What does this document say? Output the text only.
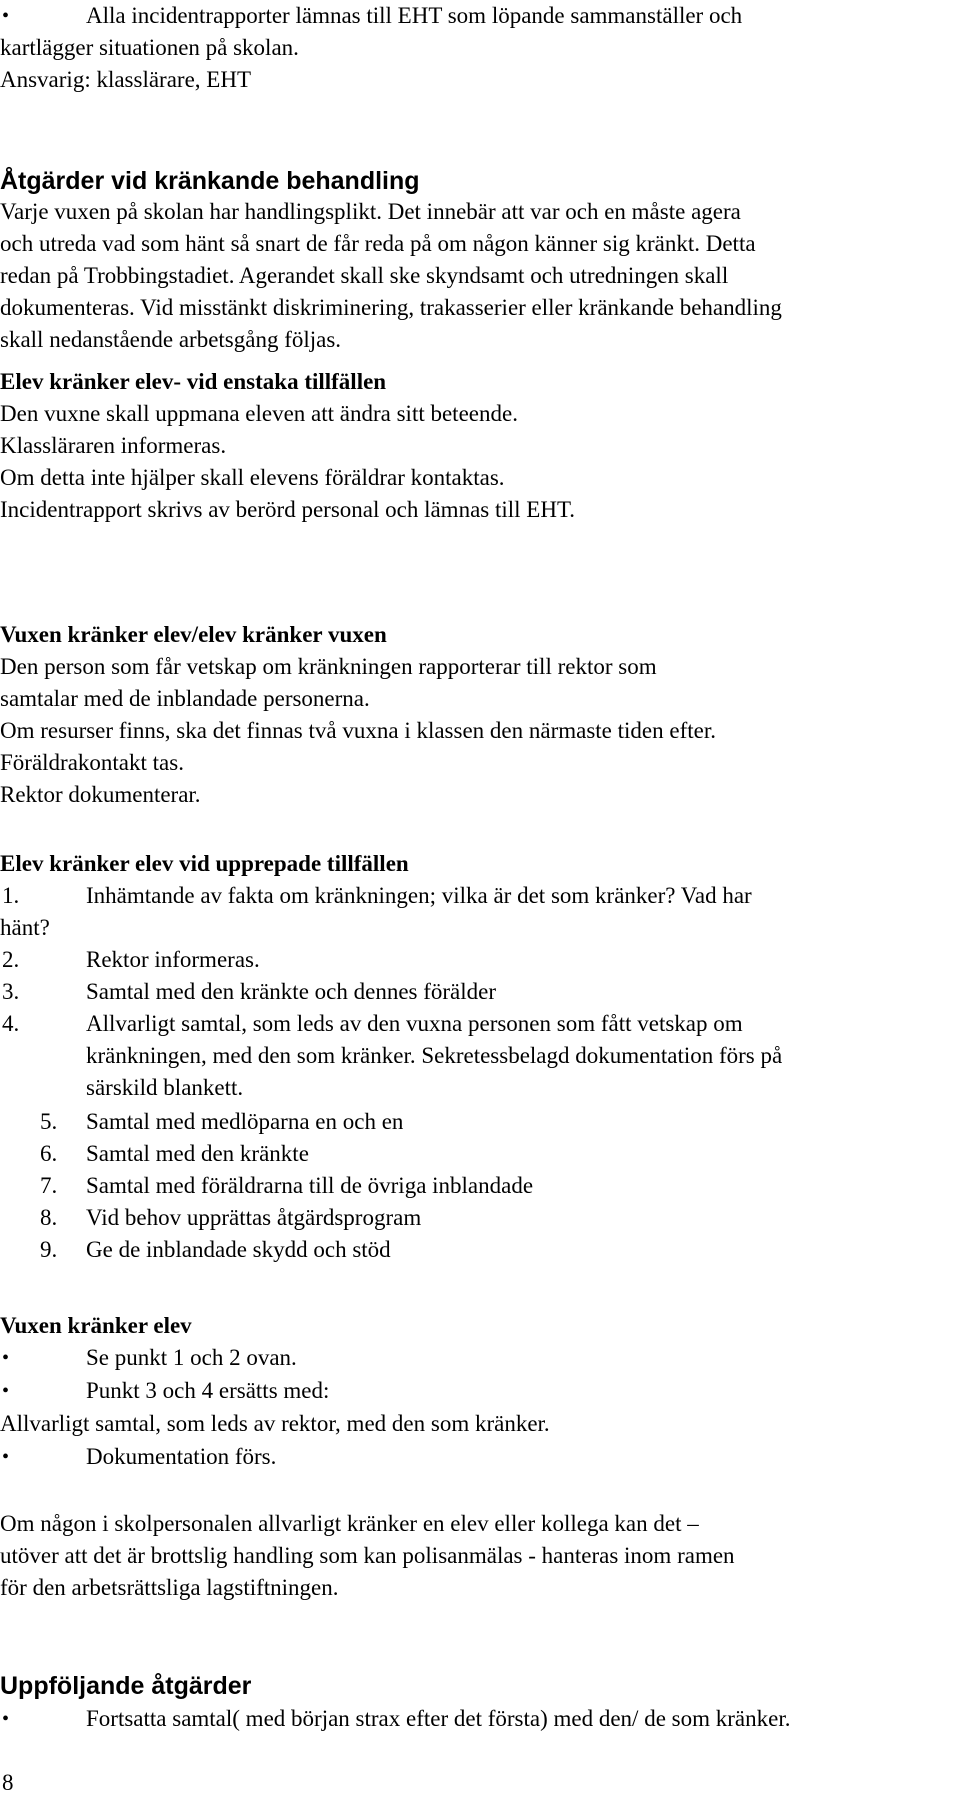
•	Alla incidentrapporter lämnas till EHT som löpande sammanställer och
kartlägger situationen på skolan.
Ansvarig: klasslärare, EHT
Åtgärder vid kränkande behandling
Varje vuxen på skolan har handlingsplikt. Det innebär att var och en måste agera
och utreda vad som hänt så snart de får reda på om någon känner sig kränkt. Detta
redan på Trobbingstadiet. Agerandet skall ske skyndsamt och utredningen skall
dokumenteras. Vid misstänkt diskriminering, trakasserier eller kränkande behandling
skall nedanstående arbetsgång följas.
Elev kränker elev- vid enstaka tillfällen
Den vuxne skall uppmana eleven att ändra sitt beteende.
Klassläraren informeras.
Om detta inte hjälper skall elevens föräldrar kontaktas.
Incidentrapport skrivs av berörd personal och lämnas till EHT.
Vuxen kränker elev/elev kränker vuxen
Den person som får vetskap om kränkningen rapporterar till rektor som
samtalar med de inblandade personerna.
Om resurser finns, ska det finnas två vuxna i klassen den närmaste tiden efter.
Föräldrakontakt tas.
Rektor dokumenterar.
Elev kränker elev vid upprepade tillfällen
1.	Inhämtande av fakta om kränkningen; vilka är det som kränker? Vad har
hänt?
2.	Rektor informeras.
3.	Samtal med den kränkte och dennes förälder
4.	Allvarligt samtal, som leds av den vuxna personen som fått vetskap om
kränkningen, med den som kränker. Sekretessbelagd dokumentation förs på
särskild blankett.
5. Samtal med medlöparna en och en
6. Samtal med den kränkte
7. Samtal med föräldrarna till de övriga inblandade
8. Vid behov upprättas åtgärdsprogram
9. Ge de inblandade skydd och stöd
Vuxen kränker elev
•	Se punkt 1 och 2 ovan.
•	Punkt 3 och 4 ersätts med:
Allvarligt samtal, som leds av rektor, med den som kränker.
•	Dokumentation förs.
Om någon i skolpersonalen allvarligt kränker en elev eller kollega kan det –
utöver att det är brottslig handling som kan polisanmälas - hanteras inom ramen
för den arbetsrättsliga lagstiftningen.
Uppföljande åtgärder
•	Fortsatta samtal( med början strax efter det första) med den/ de som kränker.
8
